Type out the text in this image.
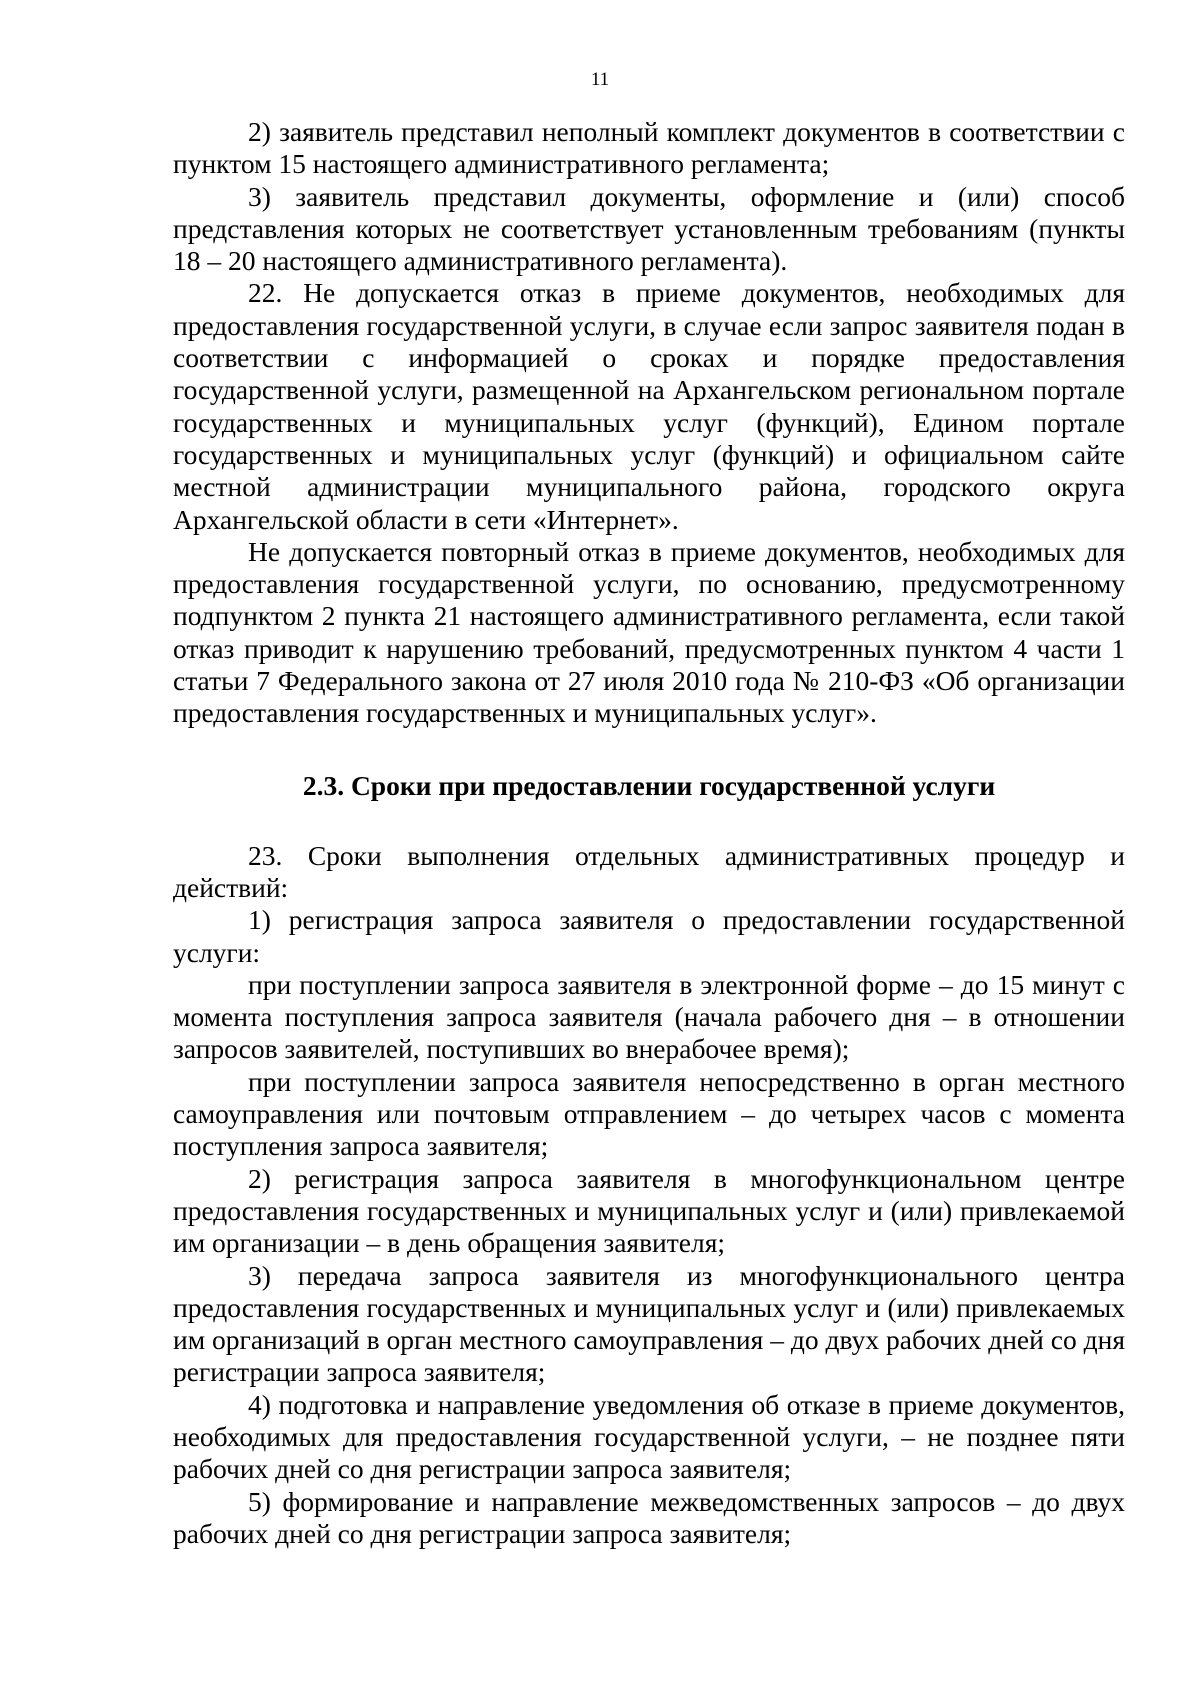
11

2) заявитель представил неполный комплект документов в соответствии с пунктом 15 настоящего административного регламента;

3) заявитель представил документы, оформление и (или) способ представления которых не соответствует установленным требованиям (пункты 18 – 20 настоящего административного регламента).

22. Не допускается отказ в приеме документов, необходимых для предоставления государственной услуги, в случае если запрос заявителя подан в соответствии с информацией о сроках и порядке предоставления государственной услуги, размещенной на Архангельском региональном портале государственных и муниципальных услуг (функций), Едином портале государственных и муниципальных услуг (функций) и официальном сайте местной администрации муниципального района, городского округа Архангельской области в сети «Интернет».

Не допускается повторный отказ в приеме документов, необходимых для предоставления государственной услуги, по основанию, предусмотренному подпунктом 2 пункта 21 настоящего административного регламента, если такой отказ приводит к нарушению требований, предусмотренных пунктом 4 части 1 статьи 7 Федерального закона от 27 июля 2010 года № 210-ФЗ «Об организации предоставления государственных и муниципальных услуг».

2.3. Сроки при предоставлении государственной услуги

23. Сроки выполнения отдельных административных процедур и действий:

1) регистрация запроса заявителя о предоставлении государственной услуги:

при поступлении запроса заявителя в электронной форме – до 15 минут с момента поступления запроса заявителя (начала рабочего дня – в отношении запросов заявителей, поступивших во внерабочее время);

при поступлении запроса заявителя непосредственно в орган местного самоуправления или почтовым отправлением – до четырех часов с момента поступления запроса заявителя;

2) регистрация запроса заявителя в многофункциональном центре предоставления государственных и муниципальных услуг и (или) привлекаемой им организации – в день обращения заявителя;

3) передача запроса заявителя из многофункционального центра предоставления государственных и муниципальных услуг и (или) привлекаемых им организаций в орган местного самоуправления – до двух рабочих дней со дня регистрации запроса заявителя;

4) подготовка и направление уведомления об отказе в приеме документов, необходимых для предоставления государственной услуги, – не позднее пяти рабочих дней со дня регистрации запроса заявителя;

5) формирование и направление межведомственных запросов – до двух рабочих дней со дня регистрации запроса заявителя;
